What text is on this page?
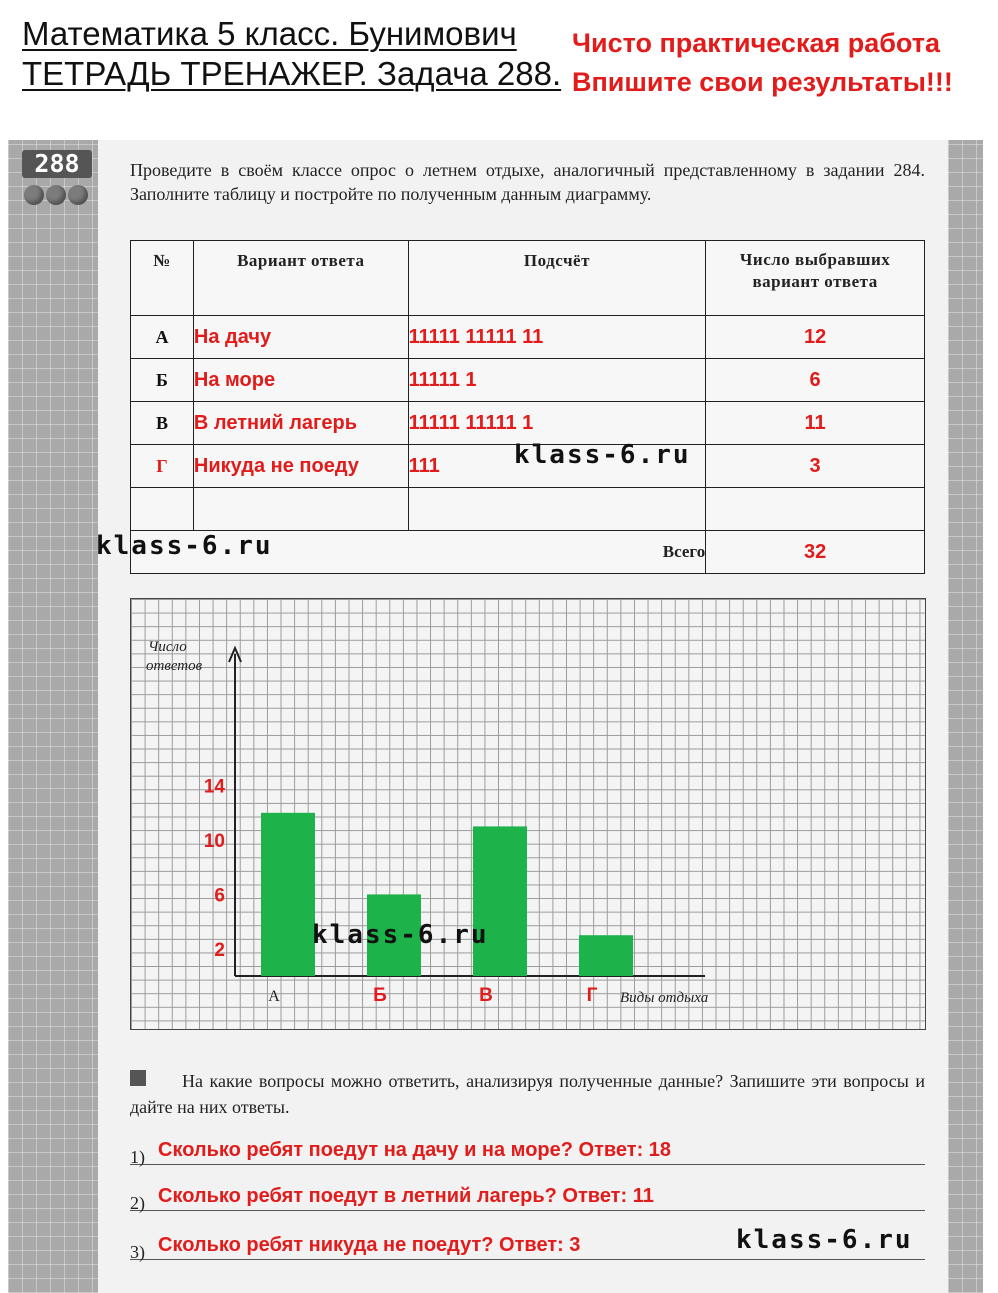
Математика 5 класс. Бунимович
ТЕТРАДЬ ТРЕНАЖЕР. Задача 288.
Чисто практическая работа
Впишите свои результаты!!!
288	Проведите в своём классе опрос о летнем отдыхе, аналогичный представленному в задании 284. Заполните таблицу и постройте по полученным данным диаграмму.
№	Вариант ответа	Подсчёт	Число выбравших вариант ответа
А	На дачу	11111 11111 11	12
Б	На море	11111 1	6
В	В летний лагерь	11111 11111 1	11
Г	Никуда не поеду	111	3

Всего			32
Число
ответов
Виды отдыха
2
6
10
14
А	Б	В	Г
На какие вопросы можно ответить, анализируя полученные данные? Запишите эти вопросы и дайте на них ответы.
1) Сколько ребят поедут на дачу и на море? Ответ: 18
2) Сколько ребят поедут в летний лагерь? Ответ: 11
3) Сколько ребят никуда не поедут? Ответ: 3
klass-6.ru
klass-6.ru
klass-6.ru
klass-6.ru
